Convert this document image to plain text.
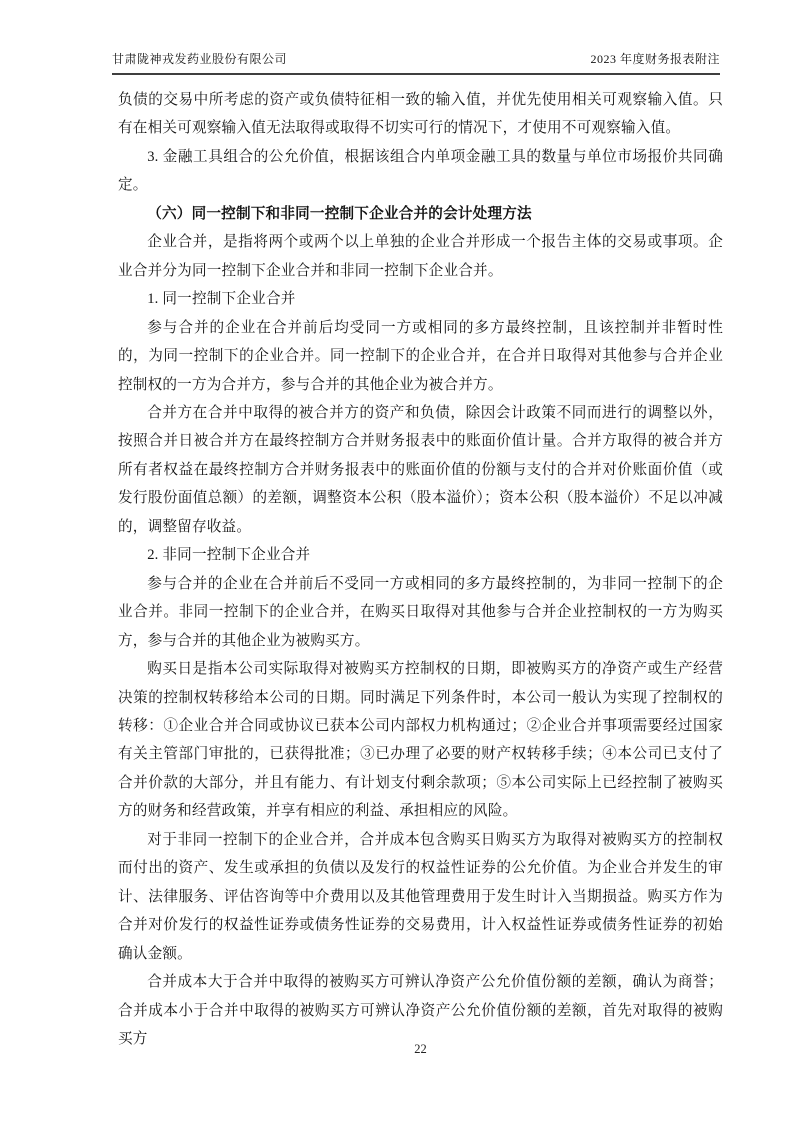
甘肃陇神戎发药业股份有限公司	2023 年度财务报表附注

负债的交易中所考虑的资产或负债特征相一致的输入值，并优先使用相关可观察输入值。只有在相关可观察输入值无法取得或取得不切实可行的情况下，才使用不可观察输入值。

3. 金融工具组合的公允价值，根据该组合内单项金融工具的数量与单位市场报价共同确定。

（六）同一控制下和非同一控制下企业合并的会计处理方法

企业合并，是指将两个或两个以上单独的企业合并形成一个报告主体的交易或事项。企业合并分为同一控制下企业合并和非同一控制下企业合并。

1. 同一控制下企业合并

参与合并的企业在合并前后均受同一方或相同的多方最终控制，且该控制并非暂时性的，为同一控制下的企业合并。同一控制下的企业合并，在合并日取得对其他参与合并企业控制权的一方为合并方，参与合并的其他企业为被合并方。

合并方在合并中取得的被合并方的资产和负债，除因会计政策不同而进行的调整以外，按照合并日被合并方在最终控制方合并财务报表中的账面价值计量。合并方取得的被合并方所有者权益在最终控制方合并财务报表中的账面价值的份额与支付的合并对价账面价值（或发行股份面值总额）的差额，调整资本公积（股本溢价）；资本公积（股本溢价）不足以冲减的，调整留存收益。

2. 非同一控制下企业合并

参与合并的企业在合并前后不受同一方或相同的多方最终控制的，为非同一控制下的企业合并。非同一控制下的企业合并，在购买日取得对其他参与合并企业控制权的一方为购买方，参与合并的其他企业为被购买方。

购买日是指本公司实际取得对被购买方控制权的日期，即被购买方的净资产或生产经营决策的控制权转移给本公司的日期。同时满足下列条件时，本公司一般认为实现了控制权的转移：①企业合并合同或协议已获本公司内部权力机构通过；②企业合并事项需要经过国家有关主管部门审批的，已获得批准；③已办理了必要的财产权转移手续；④本公司已支付了合并价款的大部分，并且有能力、有计划支付剩余款项；⑤本公司实际上已经控制了被购买方的财务和经营政策，并享有相应的利益、承担相应的风险。

对于非同一控制下的企业合并，合并成本包含购买日购买方为取得对被购买方的控制权而付出的资产、发生或承担的负债以及发行的权益性证券的公允价值。为企业合并发生的审计、法律服务、评估咨询等中介费用以及其他管理费用于发生时计入当期损益。购买方作为合并对价发行的权益性证券或债务性证券的交易费用，计入权益性证券或债务性证券的初始确认金额。

合并成本大于合并中取得的被购买方可辨认净资产公允价值份额的差额，确认为商誉；合并成本小于合并中取得的被购买方可辨认净资产公允价值份额的差额，首先对取得的被购买方

22
